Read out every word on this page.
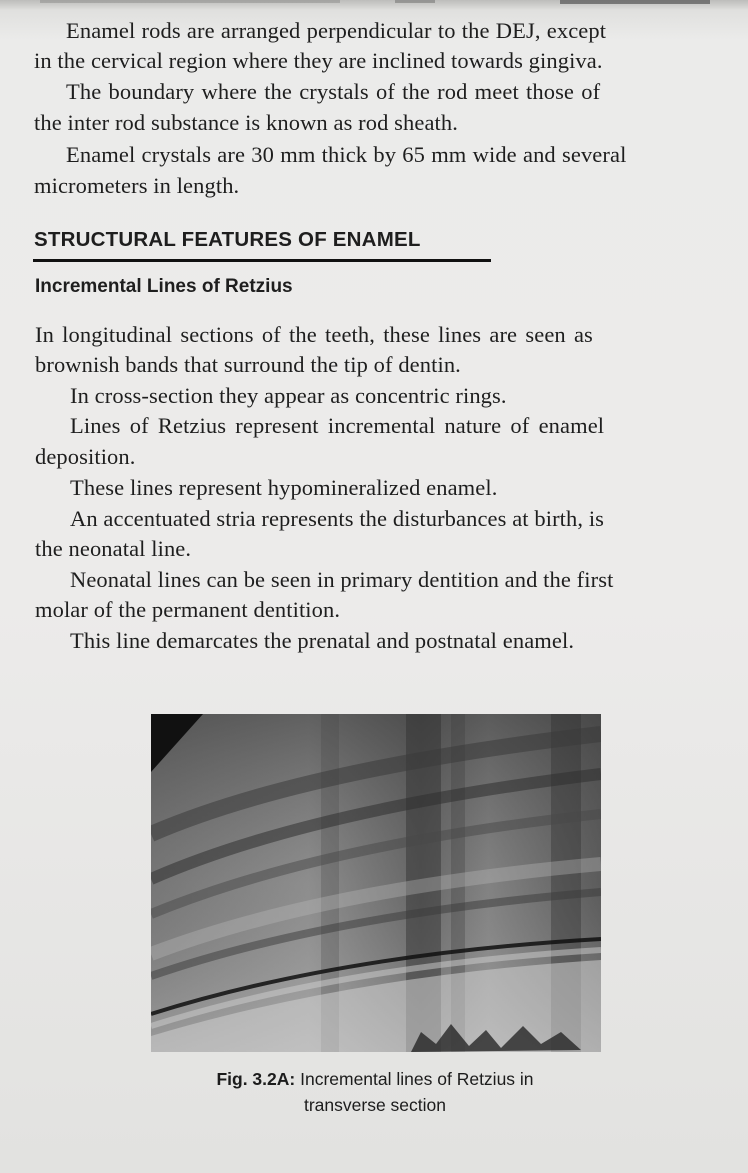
Enamel rods are arranged perpendicular to the DEJ, except

in the cervical region where they are inclined towards gingiva.

The boundary where the crystals of the rod meet those of

the inter rod substance is known as rod sheath.

Enamel crystals are 30 mm thick by 65 mm wide and several

micrometers in length.

STRUCTURAL FEATURES OF ENAMEL
Incremental Lines of Retzius

In longitudinal sections of the teeth, these lines are seen as

brownish bands that surround the tip of dentin.

In cross-section they appear as concentric rings.

Lines of Retzius represent incremental nature of enamel

deposition.

These lines represent hypomineralized enamel.

An accentuated stria represents the disturbances at birth, is

the neonatal line.

Neonatal lines can be seen in primary dentition and the first

molar of the permanent dentition.

This line demarcates the prenatal and postnatal enamel.

Fig. 3.2A: Incremental lines of Retzius in
transverse section
